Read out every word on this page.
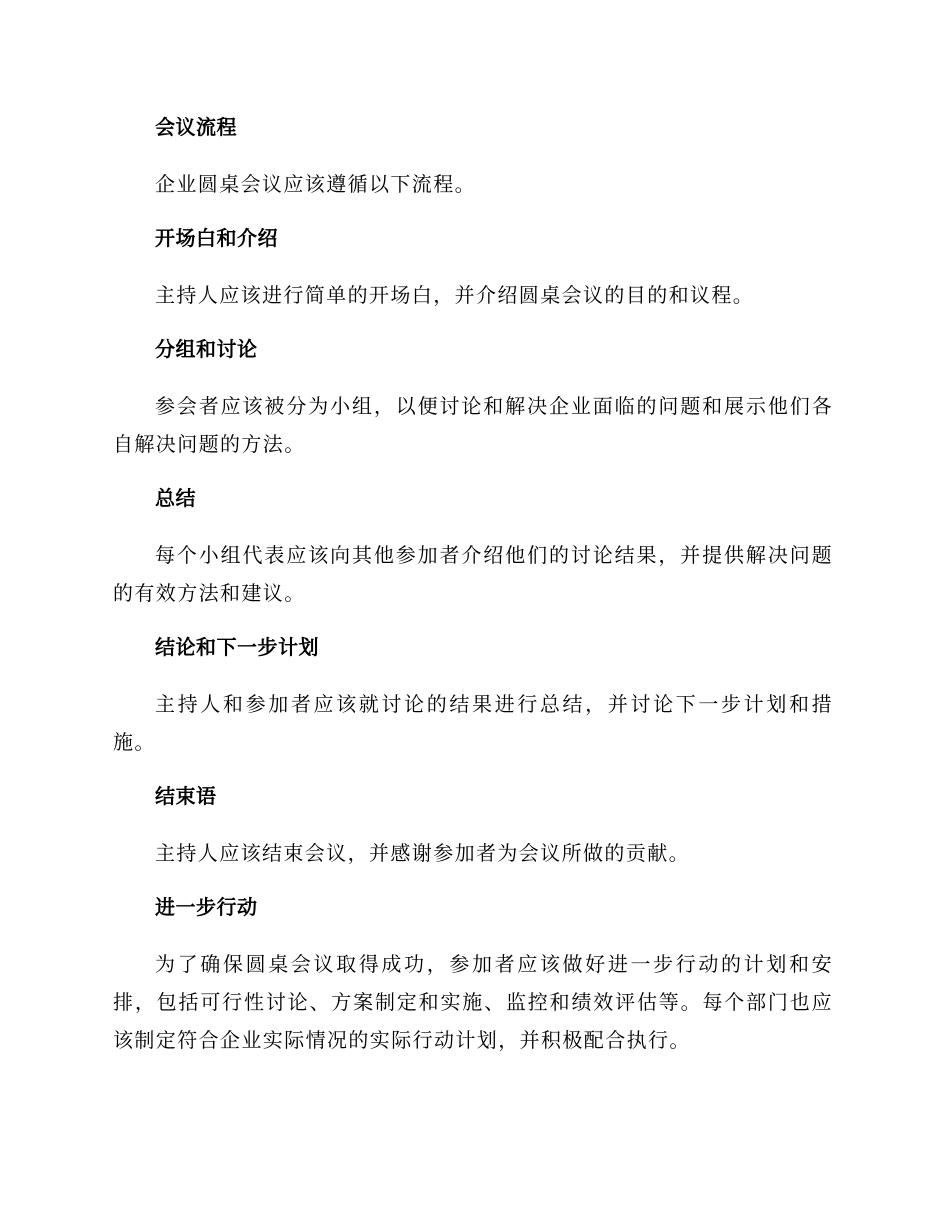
会议流程

企业圆桌会议应该遵循以下流程。

开场白和介绍

主持人应该进行简单的开场白，并介绍圆桌会议的目的和议程。

分组和讨论

参会者应该被分为小组，以便讨论和解决企业面临的问题和展示他们各自解决问题的方法。

总结

每个小组代表应该向其他参加者介绍他们的讨论结果，并提供解决问题的有效方法和建议。

结论和下一步计划

主持人和参加者应该就讨论的结果进行总结，并讨论下一步计划和措施。

结束语

主持人应该结束会议，并感谢参加者为会议所做的贡献。

进一步行动

为了确保圆桌会议取得成功，参加者应该做好进一步行动的计划和安排，包括可行性讨论、方案制定和实施、监控和绩效评估等。每个部门也应该制定符合企业实际情况的实际行动计划，并积极配合执行。
